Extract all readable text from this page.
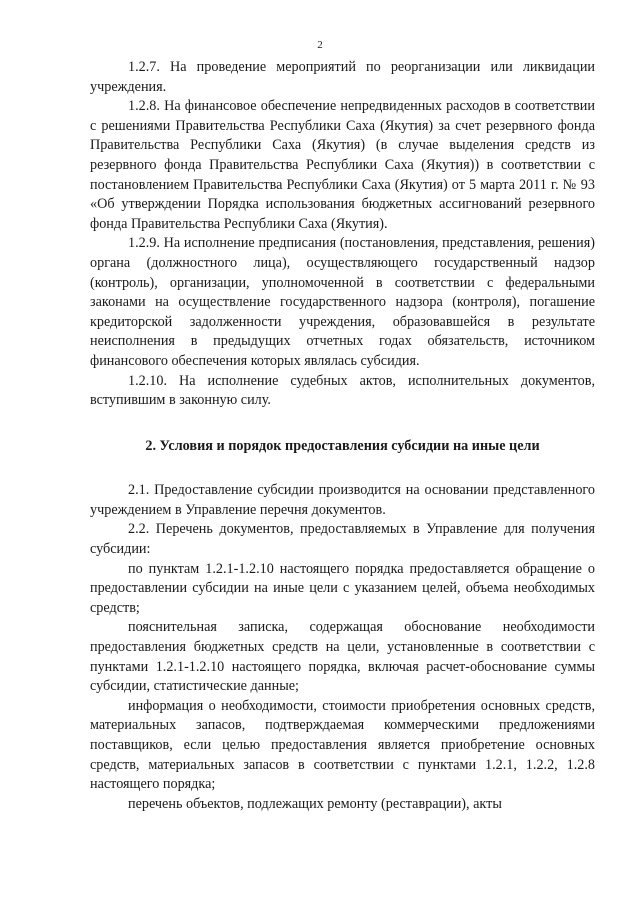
2

1.2.7. На проведение мероприятий по реорганизации или ликвидации учреждения.

1.2.8. На финансовое обеспечение непредвиденных расходов в соответствии с решениями Правительства Республики Саха (Якутия) за счет резервного фонда Правительства Республики Саха (Якутия) (в случае выделения средств из резервного фонда Правительства Республики Саха (Якутия)) в соответствии с постановлением Правительства Республики Саха (Якутия) от 5 марта 2011 г. № 93 «Об утверждении Порядка использования бюджетных ассигнований резервного фонда Правительства Республики Саха (Якутия).

1.2.9. На исполнение предписания (постановления, представления, решения) органа (должностного лица), осуществляющего государственный надзор (контроль), организации, уполномоченной в соответствии с федеральными законами на осуществление государственного надзора (контроля), погашение кредиторской задолженности учреждения, образовавшейся в результате неисполнения в предыдущих отчетных годах обязательств, источником финансового обеспечения которых являлась субсидия.

1.2.10. На исполнение судебных актов, исполнительных документов, вступившим в законную силу.

2. Условия и порядок предоставления субсидии на иные цели

2.1. Предоставление субсидии производится на основании представленного учреждением в Управление перечня документов.

2.2. Перечень документов, предоставляемых в Управление для получения субсидии:

по пунктам 1.2.1-1.2.10 настоящего порядка предоставляется обращение о предоставлении субсидии на иные цели с указанием целей, объема необходимых средств;

пояснительная записка, содержащая обоснование необходимости предоставления бюджетных средств на цели, установленные в соответствии с пунктами 1.2.1-1.2.10 настоящего порядка, включая расчет-обоснование суммы субсидии, статистические данные;

информация о необходимости, стоимости приобретения основных средств, материальных запасов, подтверждаемая коммерческими предложениями поставщиков, если целью предоставления является приобретение основных средств, материальных запасов в соответствии с пунктами 1.2.1, 1.2.2, 1.2.8 настоящего порядка;

перечень объектов, подлежащих ремонту (реставрации), акты
